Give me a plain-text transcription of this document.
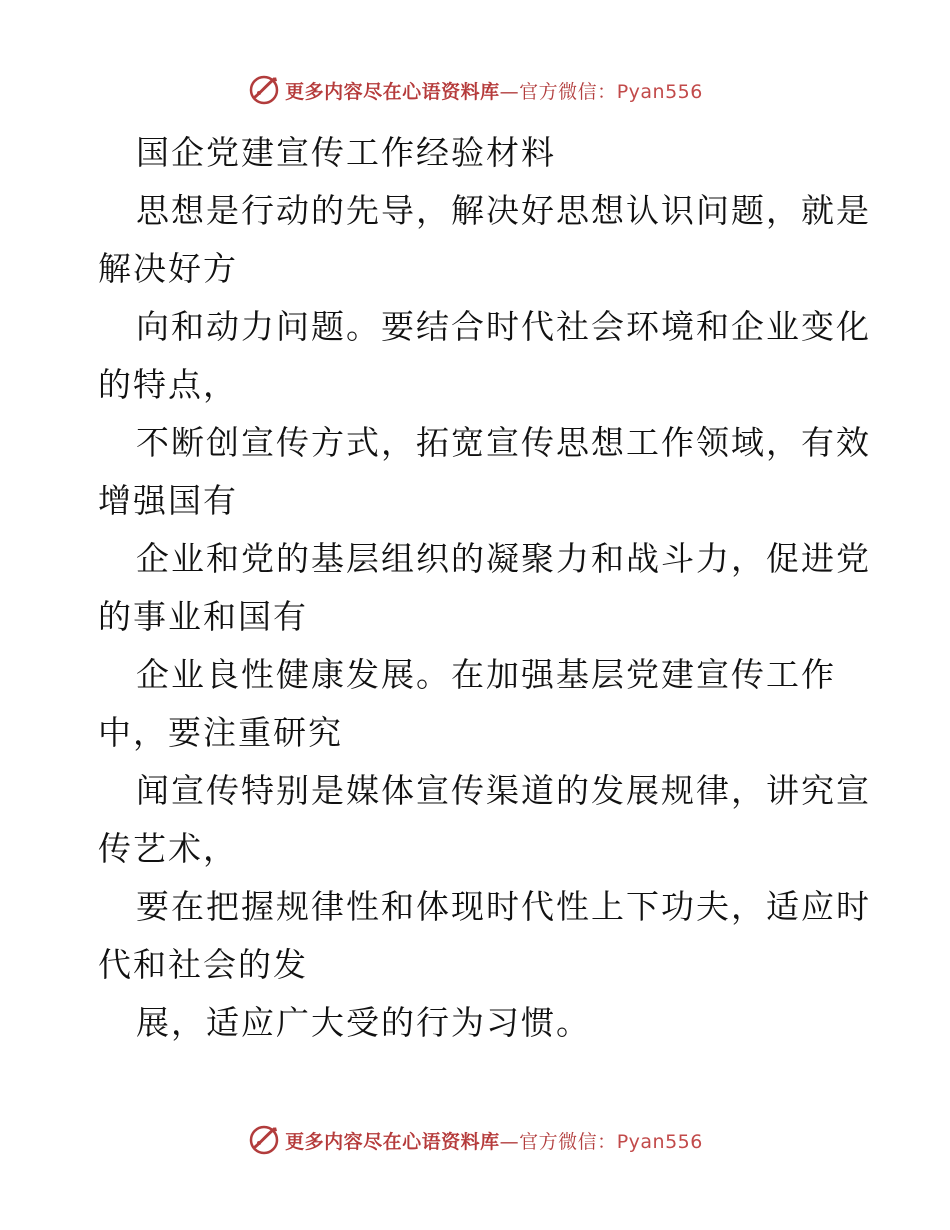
更多内容尽在心语资料库—官方微信：Pyan556
国企党建宣传工作经验材料
思想是行动的先导，解决好思想认识问题，就是
解决好方
向和动力问题。要结合时代社会环境和企业变化
的特点，
不断创宣传方式，拓宽宣传思想工作领域，有效
增强国有
企业和党的基层组织的凝聚力和战斗力，促进党
的事业和国有
企业良性健康发展。在加强基层党建宣传工作
中，要注重研究
闻宣传特别是媒体宣传渠道的发展规律，讲究宣
传艺术，
要在把握规律性和体现时代性上下功夫，适应时
代和社会的发
展，适应广大受的行为习惯。
更多内容尽在心语资料库—官方微信：Pyan556
